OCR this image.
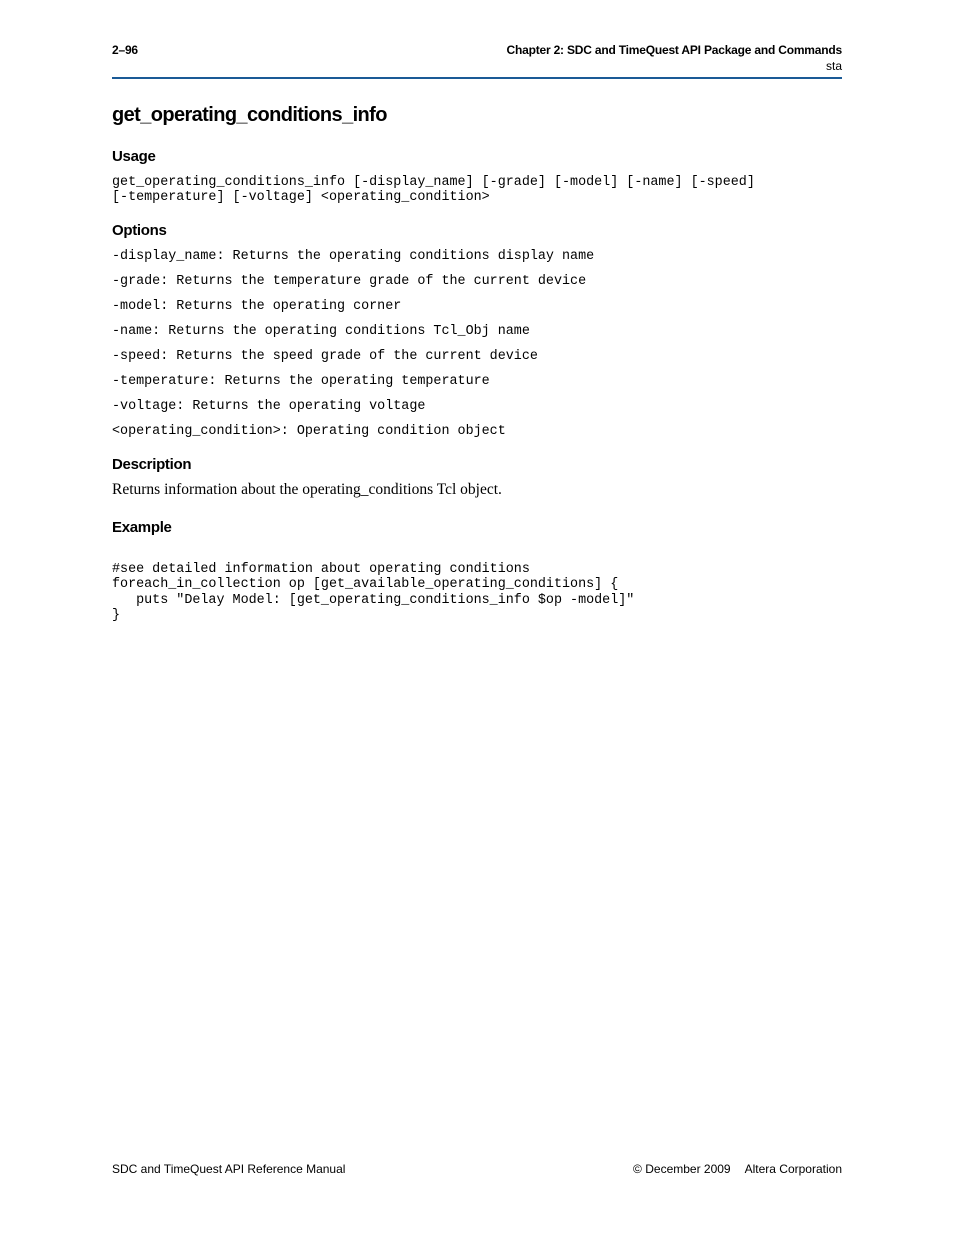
2–96	Chapter 2: SDC and TimeQuest API Package and Commands
sta
get_operating_conditions_info
Usage
get_operating_conditions_info [-display_name] [-grade] [-model] [-name] [-speed]
[-temperature] [-voltage] <operating_condition>
Options
-display_name: Returns the operating conditions display name
-grade: Returns the temperature grade of the current device
-model: Returns the operating corner
-name: Returns the operating conditions Tcl_Obj name
-speed: Returns the speed grade of the current device
-temperature: Returns the operating temperature
-voltage: Returns the operating voltage
<operating_condition>: Operating condition object
Description
Returns information about the operating_conditions Tcl object.
Example
#see detailed information about operating conditions
foreach_in_collection op [get_available_operating_conditions] {
puts "Delay Model: [get_operating_conditions_info $op -model]"
}
SDC and TimeQuest API Reference Manual	© December 2009 Altera Corporation
